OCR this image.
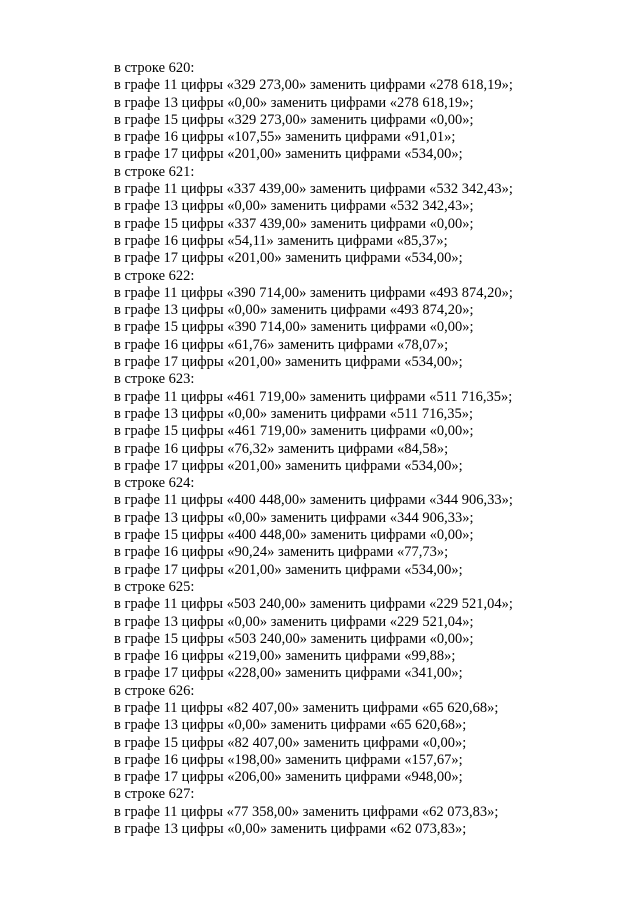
в строке 620:
в графе 11 цифры «329 273,00» заменить цифрами «278 618,19»;
в графе 13 цифры «0,00» заменить цифрами «278 618,19»;
в графе 15 цифры «329 273,00» заменить цифрами «0,00»;
в графе 16 цифры «107,55» заменить цифрами «91,01»;
в графе 17 цифры «201,00» заменить цифрами «534,00»;
в строке 621:
в графе 11 цифры «337 439,00» заменить цифрами «532 342,43»;
в графе 13 цифры «0,00» заменить цифрами «532 342,43»;
в графе 15 цифры «337 439,00» заменить цифрами «0,00»;
в графе 16 цифры «54,11» заменить цифрами «85,37»;
в графе 17 цифры «201,00» заменить цифрами «534,00»;
в строке 622:
в графе 11 цифры «390 714,00» заменить цифрами «493 874,20»;
в графе 13 цифры «0,00» заменить цифрами «493 874,20»;
в графе 15 цифры «390 714,00» заменить цифрами «0,00»;
в графе 16 цифры «61,76» заменить цифрами «78,07»;
в графе 17 цифры «201,00» заменить цифрами «534,00»;
в строке 623:
в графе 11 цифры «461 719,00» заменить цифрами «511 716,35»;
в графе 13 цифры «0,00» заменить цифрами «511 716,35»;
в графе 15 цифры «461 719,00» заменить цифрами «0,00»;
в графе 16 цифры «76,32» заменить цифрами «84,58»;
в графе 17 цифры «201,00» заменить цифрами «534,00»;
в строке 624:
в графе 11 цифры «400 448,00» заменить цифрами «344 906,33»;
в графе 13 цифры «0,00» заменить цифрами «344 906,33»;
в графе 15 цифры «400 448,00» заменить цифрами «0,00»;
в графе 16 цифры «90,24» заменить цифрами «77,73»;
в графе 17 цифры «201,00» заменить цифрами «534,00»;
в строке 625:
в графе 11 цифры «503 240,00» заменить цифрами «229 521,04»;
в графе 13 цифры «0,00» заменить цифрами «229 521,04»;
в графе 15 цифры «503 240,00» заменить цифрами «0,00»;
в графе 16 цифры «219,00» заменить цифрами «99,88»;
в графе 17 цифры «228,00» заменить цифрами «341,00»;
в строке 626:
в графе 11 цифры «82 407,00» заменить цифрами «65 620,68»;
в графе 13 цифры «0,00» заменить цифрами «65 620,68»;
в графе 15 цифры «82 407,00» заменить цифрами «0,00»;
в графе 16 цифры «198,00» заменить цифрами «157,67»;
в графе 17 цифры «206,00» заменить цифрами «948,00»;
в строке 627:
в графе 11 цифры «77 358,00» заменить цифрами «62 073,83»;
в графе 13 цифры «0,00» заменить цифрами «62 073,83»;
